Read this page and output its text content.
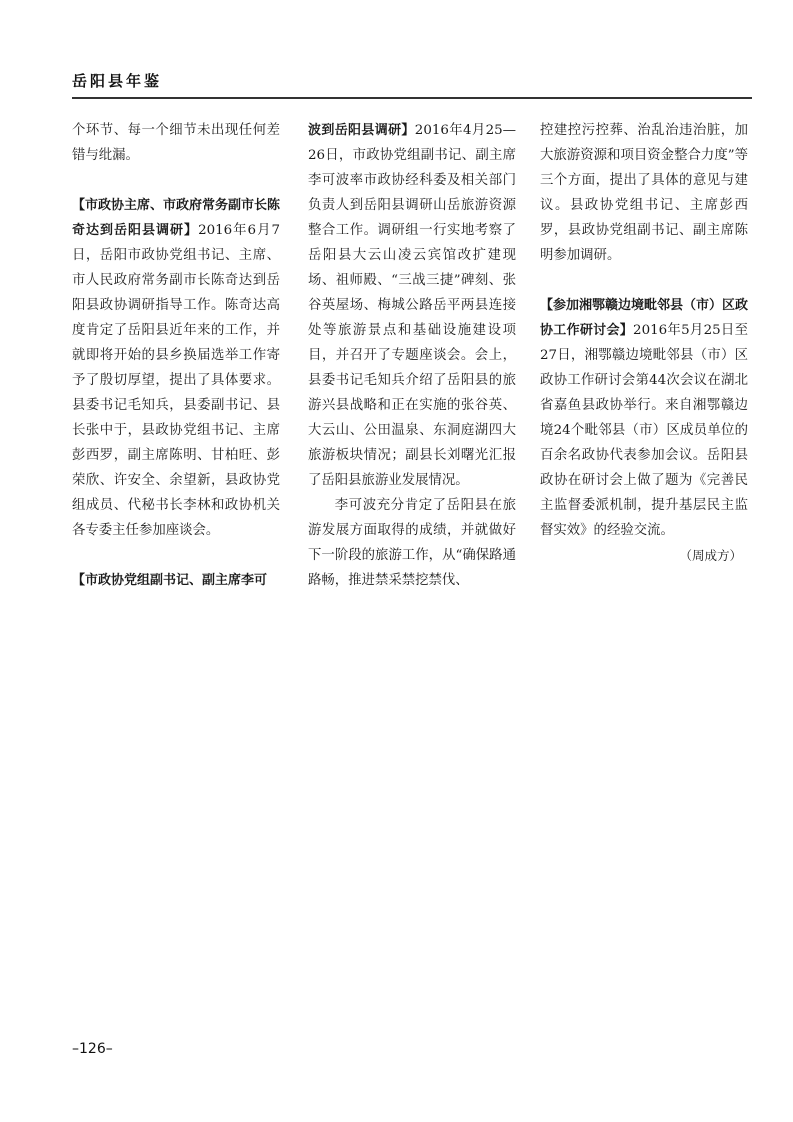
岳阳县年鉴

个环节、每一个细节未出现任何差错与纰漏。

【市政协主席、市政府常务副市长陈奇达到岳阳县调研】2016年6月7日，岳阳市政协党组书记、主席、市人民政府常务副市长陈奇达到岳阳县政协调研指导工作。陈奇达高度肯定了岳阳县近年来的工作，并就即将开始的县乡换届选举工作寄予了殷切厚望，提出了具体要求。县委书记毛知兵，县委副书记、县长张中于，县政协党组书记、主席彭西罗，副主席陈明、甘柏旺、彭荣欣、许安全、余望新，县政协党组成员、代秘书长李林和政协机关各专委主任参加座谈会。

【市政协党组副书记、副主席李可

波到岳阳县调研】2016年4月25—26日，市政协党组副书记、副主席李可波率市政协经科委及相关部门负责人到岳阳县调研山岳旅游资源整合工作。调研组一行实地考察了岳阳县大云山凌云宾馆改扩建现场、祖师殿、“三战三捷”碑刻、张谷英屋场、梅城公路岳平两县连接处等旅游景点和基础设施建设项目，并召开了专题座谈会。会上，县委书记毛知兵介绍了岳阳县的旅游兴县战略和正在实施的张谷英、大云山、公田温泉、东洞庭湖四大旅游板块情况；副县长刘曙光汇报了岳阳县旅游业发展情况。

李可波充分肯定了岳阳县在旅游发展方面取得的成绩，并就做好下一阶段的旅游工作，从“确保路通路畅，推进禁采禁挖禁伐、

控建控污控葬、治乱治违治脏，加大旅游资源和项目资金整合力度”等三个方面，提出了具体的意见与建议。县政协党组书记、主席彭西罗，县政协党组副书记、副主席陈明参加调研。

【参加湘鄂赣边境毗邻县（市）区政协工作研讨会】2016年5月25日至27日，湘鄂赣边境毗邻县（市）区政协工作研讨会第44次会议在湖北省嘉鱼县政协举行。来自湘鄂赣边境24个毗邻县（市）区成员单位的百余名政协代表参加会议。岳阳县政协在研讨会上做了题为《完善民主监督委派机制，提升基层民主监督实效》的经验交流。

（周成方）

–126–
